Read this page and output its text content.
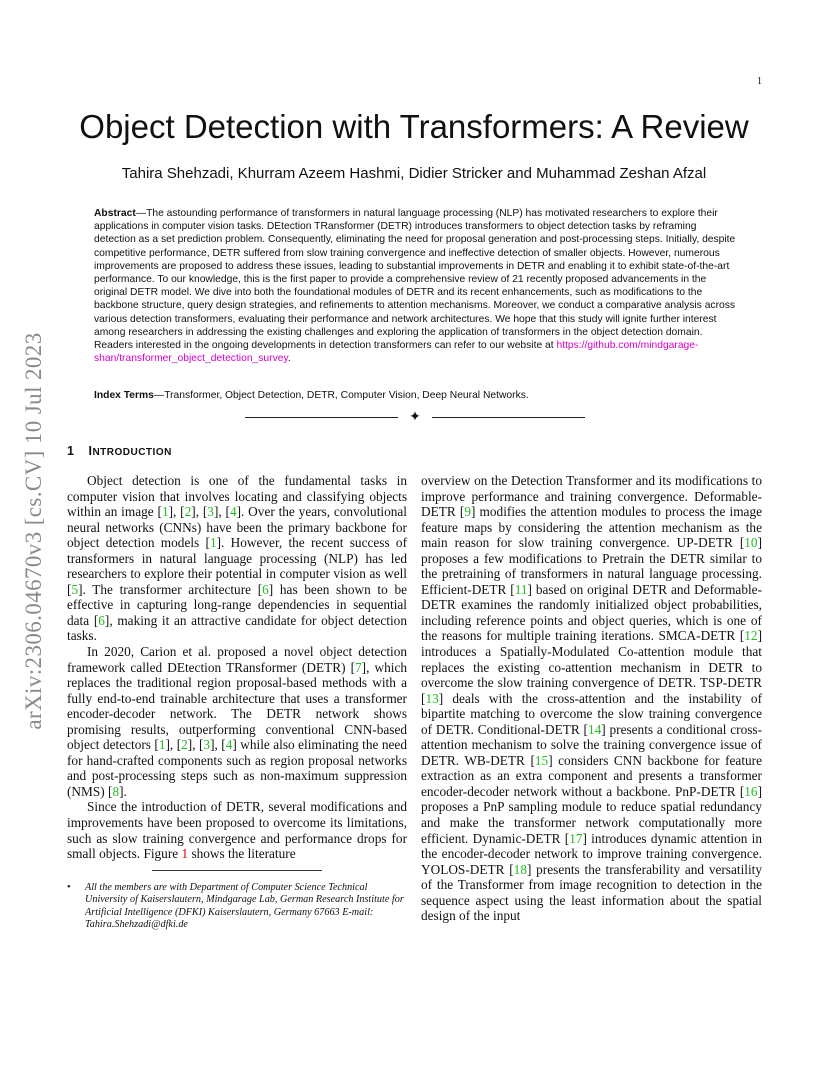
1
arXiv:2306.04670v3 [cs.CV] 10 Jul 2023
Object Detection with Transformers: A Review
Tahira Shehzadi, Khurram Azeem Hashmi, Didier Stricker and Muhammad Zeshan Afzal

Abstract—The astounding performance of transformers in natural language processing (NLP) has motivated researchers to explore their applications in computer vision tasks. DEtection TRansformer (DETR) introduces transformers to object detection tasks by reframing detection as a set prediction problem. Consequently, eliminating the need for proposal generation and post-processing steps. Initially, despite competitive performance, DETR suffered from slow training convergence and ineffective detection of smaller objects. However, numerous improvements are proposed to address these issues, leading to substantial improvements in DETR and enabling it to exhibit state-of-the-art performance. To our knowledge, this is the first paper to provide a comprehensive review of 21 recently proposed advancements in the original DETR model. We dive into both the foundational modules of DETR and its recent enhancements, such as modifications to the backbone structure, query design strategies, and refinements to attention mechanisms. Moreover, we conduct a comparative analysis across various detection transformers, evaluating their performance and network architectures. We hope that this study will ignite further interest among researchers in addressing the existing challenges and exploring the application of transformers in the object detection domain. Readers interested in the ongoing developments in detection transformers can refer to our website at https://github.com/mindgarage-shan/transformer_object_detection_survey.

Index Terms—Transformer, Object Detection, DETR, Computer Vision, Deep Neural Networks.

✦
1 INTRODUCTION

Object detection is one of the fundamental tasks in computer vision that involves locating and classifying objects within an image [1], [2], [3], [4]. Over the years, convolutional neural networks (CNNs) have been the primary backbone for object detection models [1]. However, the recent success of transformers in natural language processing (NLP) has led researchers to explore their potential in computer vision as well [5]. The transformer architecture [6] has been shown to be effective in capturing long-range dependencies in sequential data [6], making it an attractive candidate for object detection tasks.

In 2020, Carion et al. proposed a novel object detection framework called DEtection TRansformer (DETR) [7], which replaces the traditional region proposal-based methods with a fully end-to-end trainable architecture that uses a transformer encoder-decoder network. The DETR network shows promising results, outperforming conventional CNN-based object detectors [1], [2], [3], [4] while also eliminating the need for hand-crafted components such as region proposal networks and post-processing steps such as non-maximum suppression (NMS) [8].

Since the introduction of DETR, several modifications and improvements have been proposed to overcome its limitations, such as slow training convergence and performance drops for small objects. Figure 1 shows the literature

overview on the Detection Transformer and its modifications to improve performance and training convergence. Deformable-DETR [9] modifies the attention modules to process the image feature maps by considering the attention mechanism as the main reason for slow training convergence. UP-DETR [10] proposes a few modifications to Pretrain the DETR similar to the pretraining of transformers in natural language processing. Efficient-DETR [11] based on original DETR and Deformable-DETR examines the randomly initialized object probabilities, including reference points and object queries, which is one of the reasons for multiple training iterations. SMCA-DETR [12] introduces a Spatially-Modulated Co-attention module that replaces the existing co-attention mechanism in DETR to overcome the slow training convergence of DETR. TSP-DETR [13] deals with the cross-attention and the instability of bipartite matching to overcome the slow training convergence of DETR. Conditional-DETR [14] presents a conditional cross-attention mechanism to solve the training convergence issue of DETR. WB-DETR [15] considers CNN backbone for feature extraction as an extra component and presents a transformer encoder-decoder network without a backbone. PnP-DETR [16] proposes a PnP sampling module to reduce spatial redundancy and make the transformer network computationally more efficient. Dynamic-DETR [17] introduces dynamic attention in the encoder-decoder network to improve training convergence. YOLOS-DETR [18] presents the transferability and versatility of the Transformer from image recognition to detection in the sequence aspect using the least information about the spatial design of the input

• All the members are with Department of Computer Science Technical University of Kaiserslautern, Mindgarage Lab, German Research Institute for Artificial Intelligence (DFKI) Kaiserslautern, Germany 67663 E-mail: Tahira.Shehzadi@dfki.de
